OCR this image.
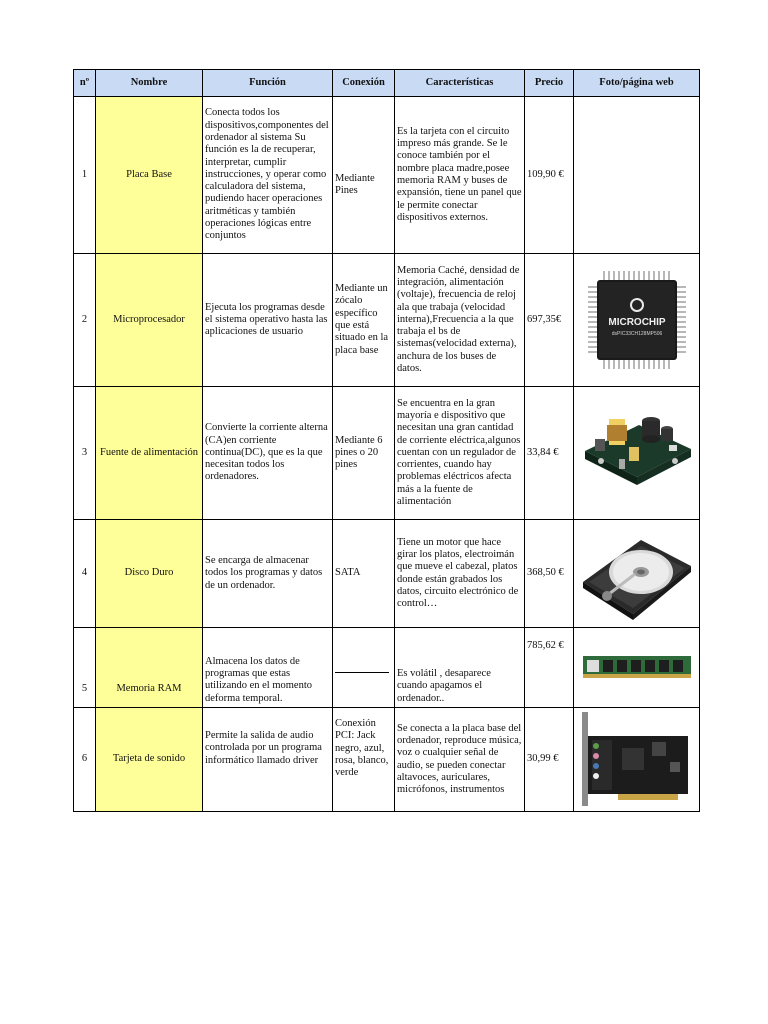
nº	Nombre	Función	Conexión	Características	Precio	Foto/página web
1	Placa Base	Conecta todos los dispositivos,componentes del ordenador al sistema Su función es la de recuperar, interpretar, cumplir instrucciones, y operar como calculadora del sistema, pudiendo hacer operaciones aritméticas y también operaciones lógicas entre conjuntos	Mediante Pines	Es la tarjeta con el circuito impreso más grande. Se le conoce también por el nombre placa madre,posee memoria RAM y buses de expansión, tiene un panel que le permite conectar dispositivos externos.	109,90 €	
2	Microprocesador	Ejecuta los programas desde el sistema operativo hasta las aplicaciones de usuario	Mediante un zócalo específico que está situado en la placa base	Memoria Caché, densidad de integración, alimentación (voltaje), frecuencia de reloj ala que trabaja (velocidad interna),Frecuencia a la que trabaja el bs de sistemas(velocidad externa), anchura de los buses de datos.	697,35€	MICROCHIP
dsPIC33CH128MP506

3	Fuente de alimentación	Convierte la corriente alterna (CA)en corriente continua(DC), que es la que necesitan todos los ordenadores.	Mediante 6 pines o 20 pines	Se encuentra en la gran mayoría e dispositivo que necesitan una gran cantidad de corriente eléctrica,algunos cuentan con un regulador de corrientes, cuando hay problemas eléctricos afecta más a la fuente de alimentación	33,84 €	

4	Disco Duro	Se encarga de almacenar todos los programas y datos de un ordenador.	SATA	Tiene un motor que hace girar los platos, electroimán que mueve el cabezal, platos donde están grabados los datos, circuito electrónico de control…	368,50 €	

5	Memoria RAM	Almacena los datos de programas que estas utilizando en el momento deforma temporal.		Es volátil , desaparece cuando apagamos el ordenador..	785,62 €	

6	Tarjeta de sonido	Permite la salida de audio controlada por un programa informático llamado driver	Conexión PCI: Jack negro, azul, rosa, blanco, verde	Se conecta a la placa base del ordenador, reproduce música, voz o cualquier señal de audio, se pueden conectar altavoces, auriculares, micrófonos, instrumentos	30,99 €	
